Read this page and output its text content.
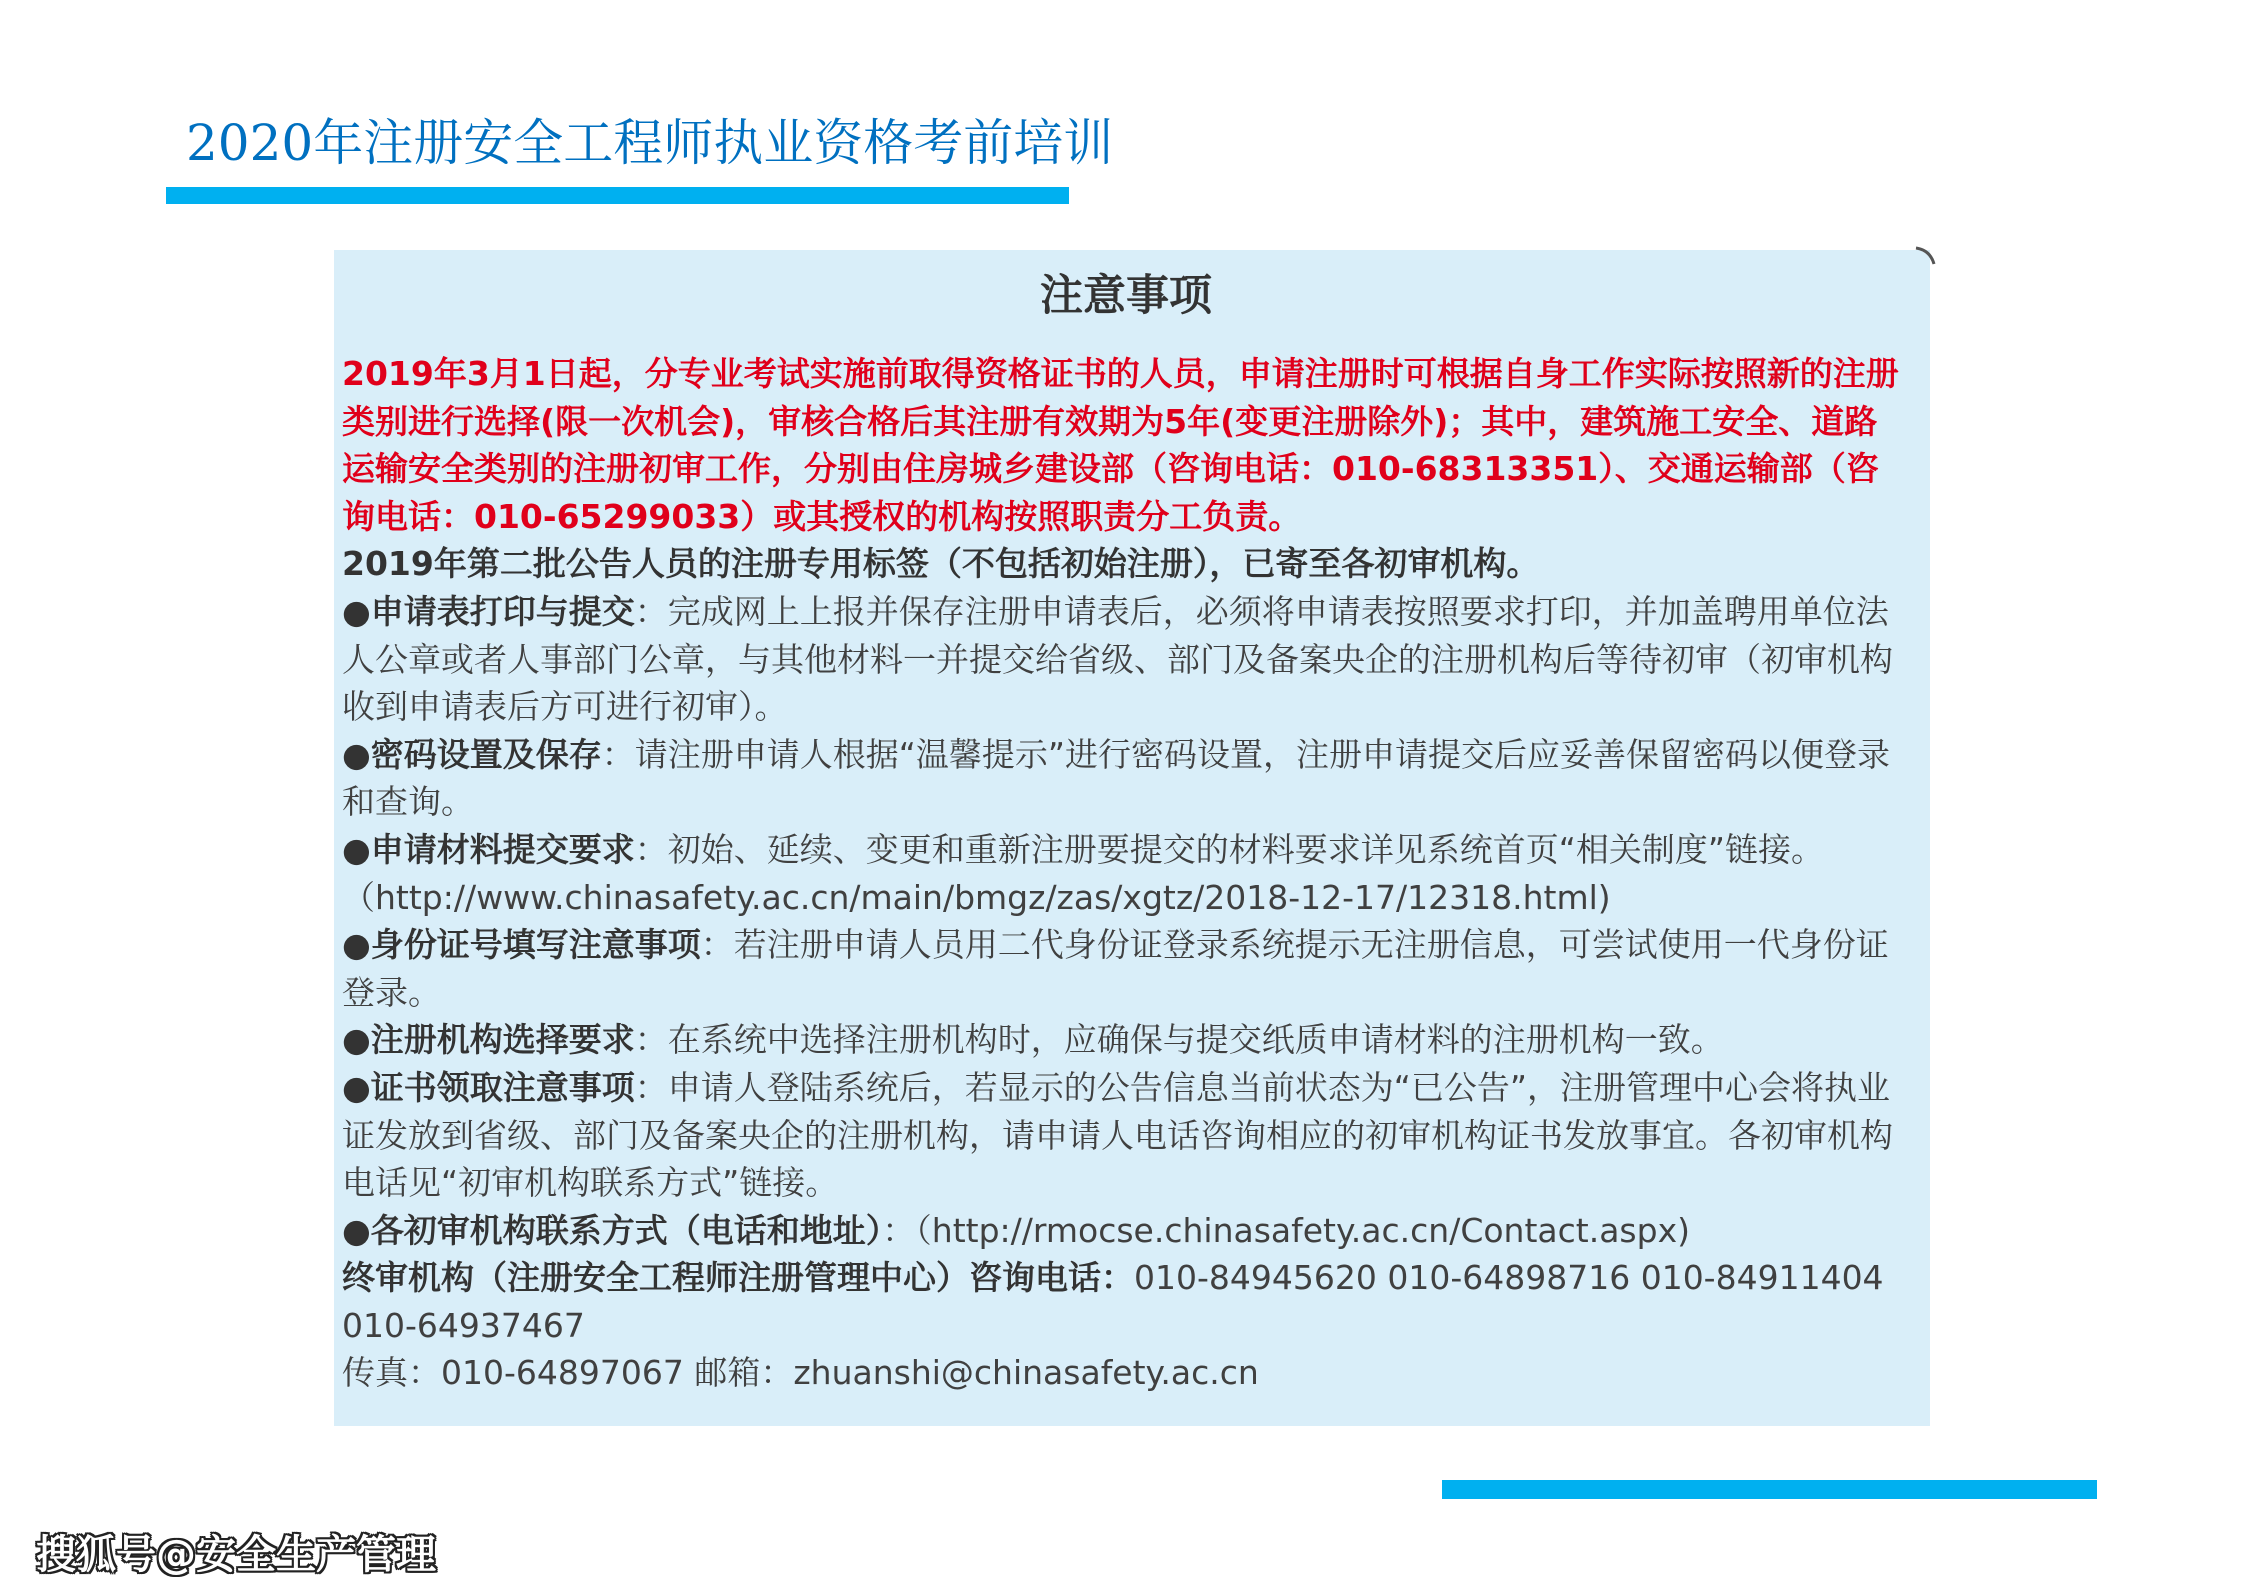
2020年注册安全工程师执业资格考前培训
注意事项

2019年3月1日起，分专业考试实施前取得资格证书的人员，申请注册时可根据自身工作实际按照新的注册类别进行选择(限一次机会)，审核合格后其注册有效期为5年(变更注册除外)；其中，建筑施工安全、道路运输安全类别的注册初审工作，分别由住房城乡建设部（咨询电话：010-68313351）、交通运输部（咨询电话：010-65299033）或其授权的机构按照职责分工负责。

2019年第二批公告人员的注册专用标签（不包括初始注册），已寄至各初审机构。

●申请表打印与提交：完成网上上报并保存注册申请表后，必须将申请表按照要求打印，并加盖聘用单位法人公章或者人事部门公章，与其他材料一并提交给省级、部门及备案央企的注册机构后等待初审（初审机构收到申请表后方可进行初审）。

●密码设置及保存：请注册申请人根据“温馨提示”进行密码设置，注册申请提交后应妥善保留密码以便登录和查询。

●申请材料提交要求：初始、延续、变更和重新注册要提交的材料要求详见系统首页“相关制度”链接。（http://www.chinasafety.ac.cn/main/bmgz/zas/xgtz/2018-12-17/12318.html)

●身份证号填写注意事项：若注册申请人员用二代身份证登录系统提示无注册信息，可尝试使用一代身份证登录。

●注册机构选择要求：在系统中选择注册机构时，应确保与提交纸质申请材料的注册机构一致。

●证书领取注意事项：申请人登陆系统后，若显示的公告信息当前状态为“已公告”，注册管理中心会将执业证发放到省级、部门及备案央企的注册机构，请申请人电话咨询相应的初审机构证书发放事宜。各初审机构电话见“初审机构联系方式”链接。

●各初审机构联系方式（电话和地址）：（http://rmocse.chinasafety.ac.cn/Contact.aspx)

终审机构（注册安全工程师注册管理中心）咨询电话：010-84945620 010-64898716 010-84911404 010-64937467

传真：010-64897067 邮箱：zhuanshi@chinasafety.ac.cn

搜狐号@安全生产管理
